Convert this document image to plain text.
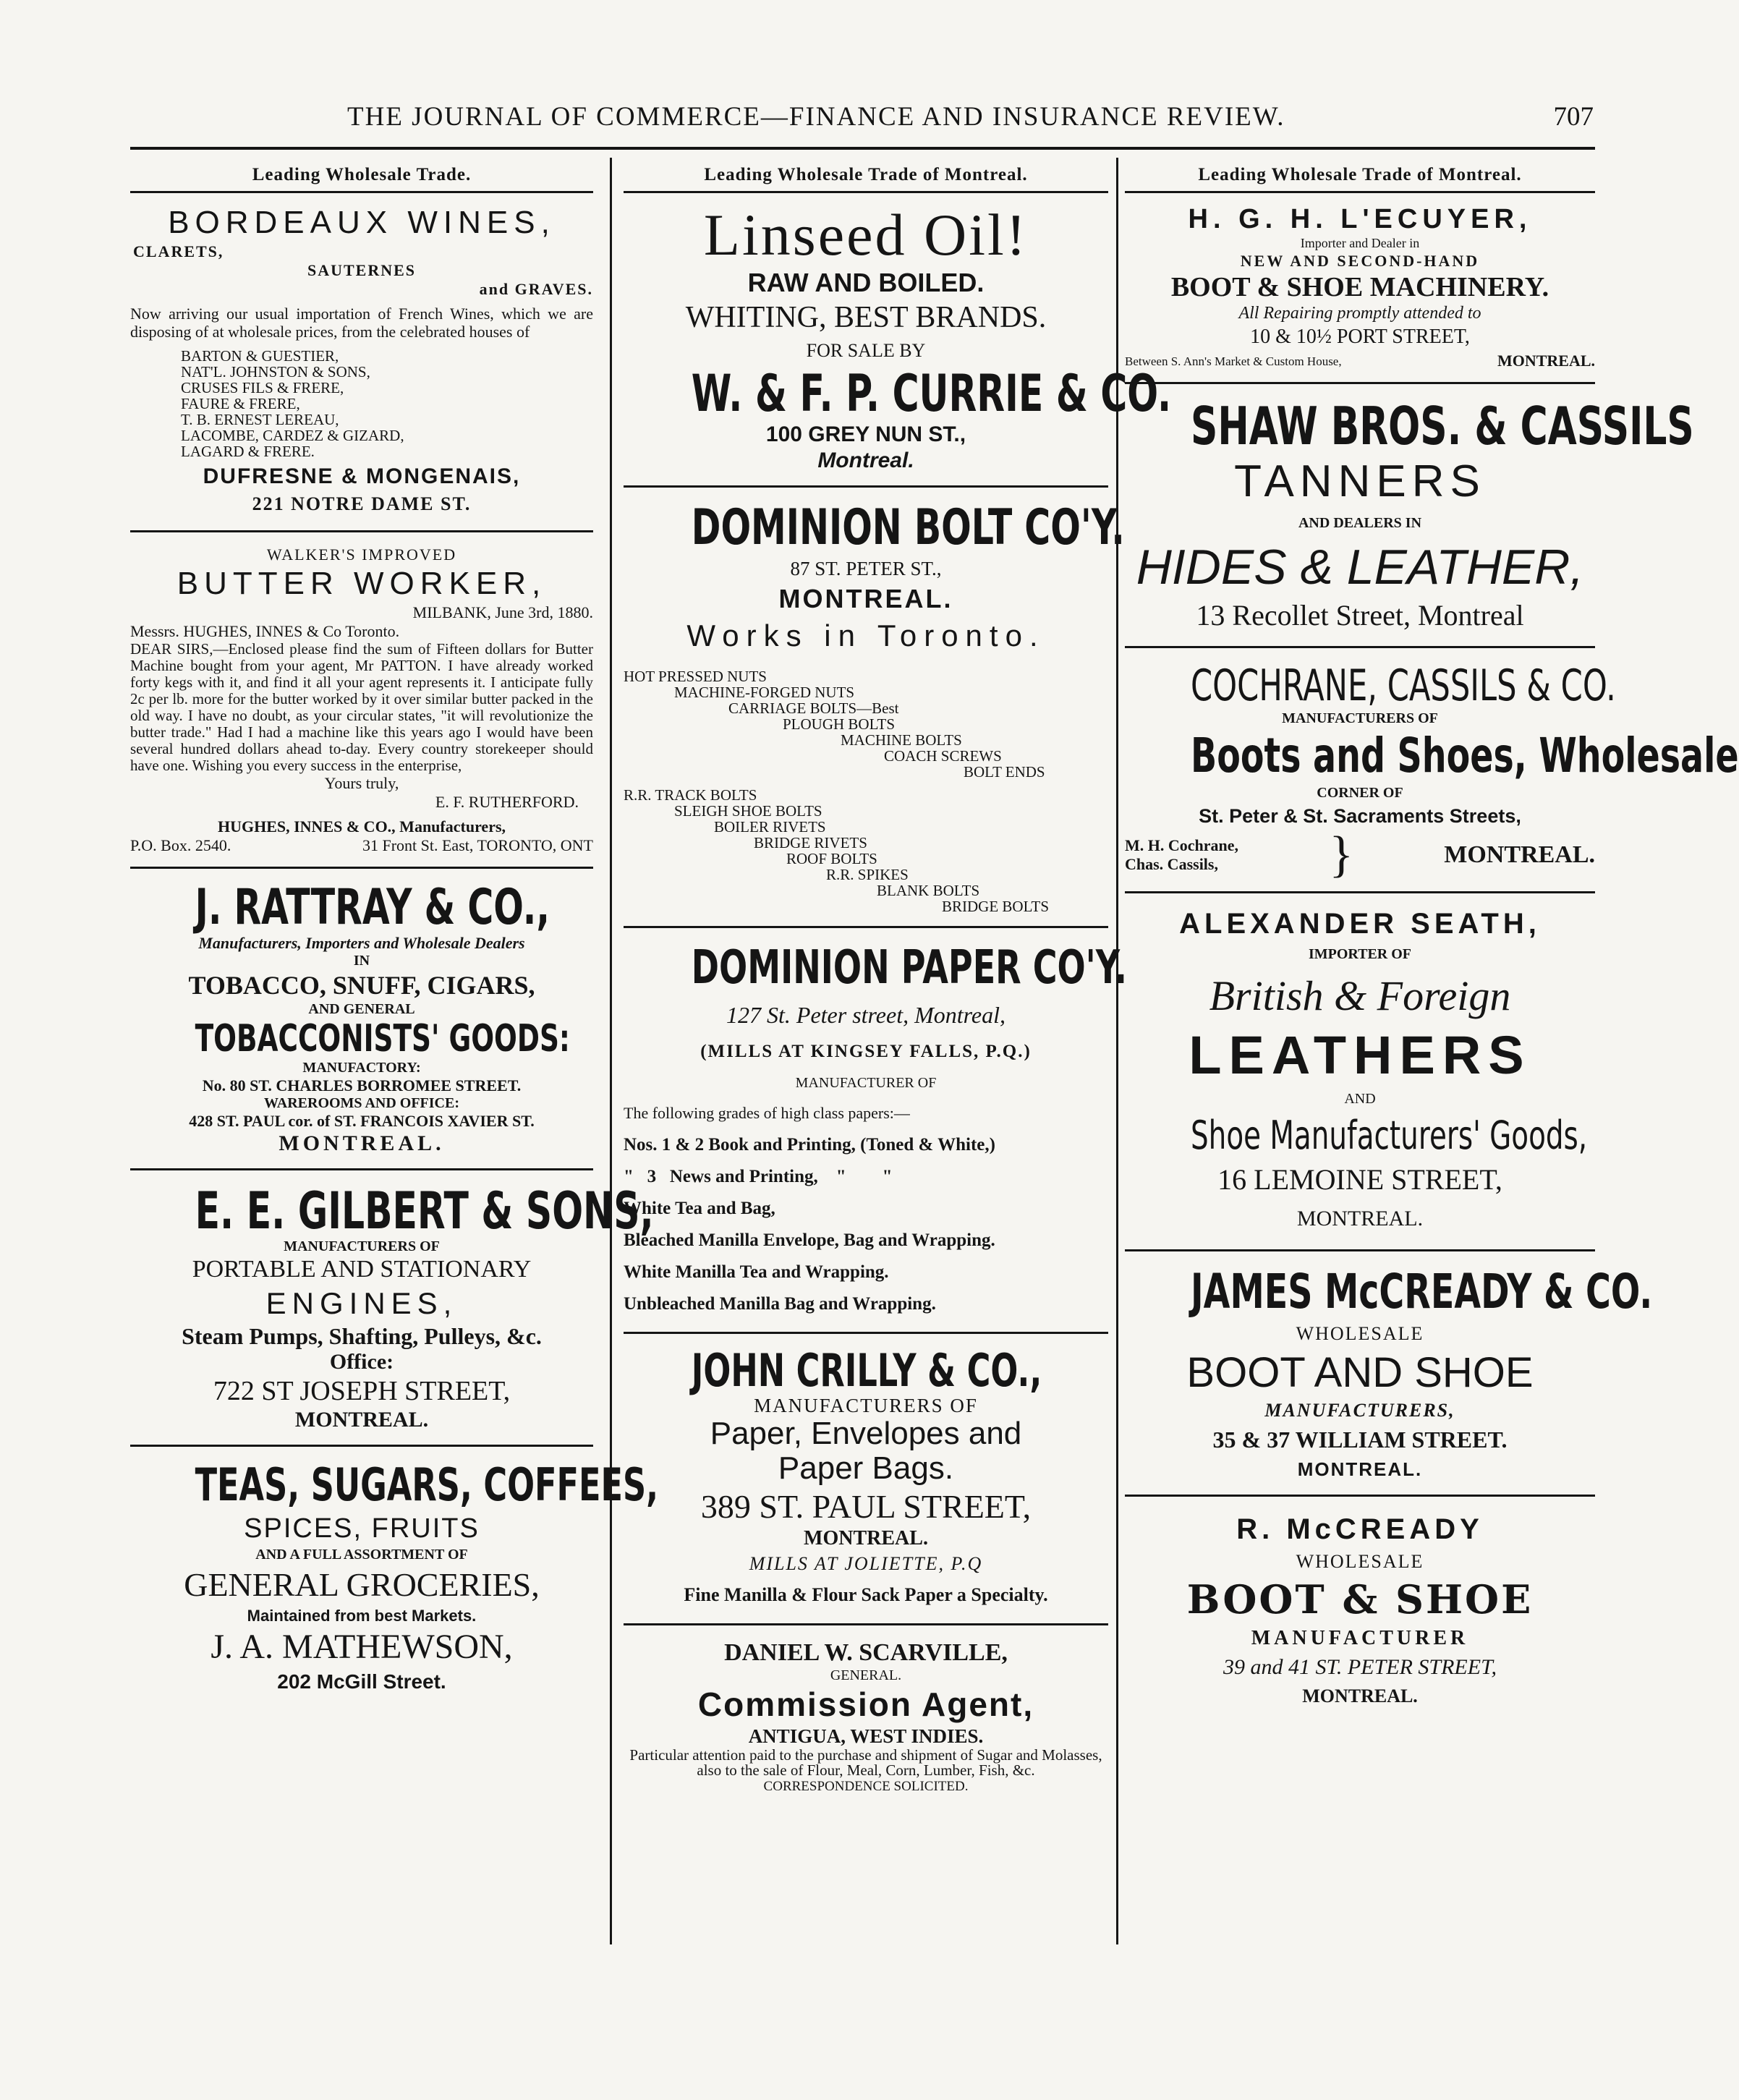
THE JOURNAL OF COMMERCE—FINANCE AND INSURANCE REVIEW.	707
Leading Wholesale Trade.
BORDEAUX WINES,
CLARETS,
SAUTERNES
and GRAVES.
Now arriving our usual importation of French Wines, which we are disposing of at wholesale prices, from the celebrated houses of
BARTON & GUESTIER,
NAT'L. JOHNSTON & SONS,
CRUSES FILS & FRERE,
FAURE & FRERE,
T. B. ERNEST LEREAU,
LACOMBE, CARDEZ & GIZARD,
LAGARD & FRERE.
DUFRESNE & MONGENAIS,
221 NOTRE DAME ST.
WALKER'S IMPROVED
BUTTER WORKER,
MILBANK, June 3rd, 1880.
Messrs. HUGHES, INNES & Co Toronto.
DEAR SIRS,—Enclosed please find the sum of Fifteen dollars for Butter Machine bought from your agent, Mr PATTON. I have already worked forty kegs with it, and find it all your agent represents it. I anticipate fully 2c per lb. more for the butter worked by it over similar butter packed in the old way. I have no doubt, as your circular states, "it will revolutionize the butter trade." Had I had a machine like this years ago I would have been several hundred dollars ahead to-day. Every country storekeeper should have one. Wishing you every success in the enterprise,
Yours truly,
E. F. RUTHERFORD.
HUGHES, INNES & CO., Manufacturers,
P.O. Box. 2540.	31 Front St. East, TORONTO, ONT
J. RATTRAY & CO.,
Manufacturers, Importers and Wholesale Dealers
IN
TOBACCO, SNUFF, CIGARS,
AND GENERAL
TOBACCONISTS' GOODS:
MANUFACTORY:
No. 80 ST. CHARLES BORROMEE STREET.
WAREROOMS AND OFFICE:
428 ST. PAUL cor. of ST. FRANCOIS XAVIER ST.
MONTREAL.
E. E. GILBERT & SONS,
MANUFACTURERS OF
PORTABLE AND STATIONARY
ENGINES,
Steam Pumps, Shafting, Pulleys, &c.
Office:
722 ST JOSEPH STREET,
MONTREAL.
TEAS, SUGARS, COFFEES,
SPICES, FRUITS
AND A FULL ASSORTMENT OF
GENERAL GROCERIES,
Maintained from best Markets.
J. A. MATHEWSON,
202 McGill Street.
Leading Wholesale Trade of Montreal.
Linseed Oil!
RAW AND BOILED.
WHITING, BEST BRANDS.
FOR SALE BY
W. & F. P. CURRIE & CO.
100 GREY NUN ST.,
Montreal.
DOMINION BOLT CO'Y.
87 ST. PETER ST.,
MONTREAL.
Works in Toronto.
HOT PRESSED NUTS
MACHINE-FORGED NUTS
CARRIAGE BOLTS—Best
PLOUGH BOLTS
MACHINE BOLTS
COACH SCREWS
BOLT ENDS
R.R. TRACK BOLTS
SLEIGH SHOE BOLTS
BOILER RIVETS
BRIDGE RIVETS
ROOF BOLTS
R.R. SPIKES
BLANK BOLTS
BRIDGE BOLTS
DOMINION PAPER CO'Y.
127 St. Peter street, Montreal,
(MILLS AT KINGSEY FALLS, P.Q.)
MANUFACTURER OF
The following grades of high class papers:—
Nos. 1 & 2 Book and Printing, (Toned & White,)
"   3   News and Printing,    "        "
White Tea and Bag,
Bleached Manilla Envelope, Bag and Wrapping.
White Manilla Tea and Wrapping.
Unbleached Manilla Bag and Wrapping.
JOHN CRILLY & CO.,
MANUFACTURERS OF
Paper, Envelopes and
Paper Bags.
389 ST. PAUL STREET,
MONTREAL.
MILLS AT JOLIETTE, P.Q
Fine Manilla & Flour Sack Paper a Specialty.
DANIEL W. SCARVILLE,
GENERAL.
Commission Agent,
ANTIGUA, WEST INDIES.
Particular attention paid to the purchase and shipment of Sugar and Molasses, also to the sale of Flour, Meal, Corn, Lumber, Fish, &c.
CORRESPONDENCE SOLICITED.
Leading Wholesale Trade of Montreal.
H. G. H. L'ECUYER,
Importer and Dealer in
NEW AND SECOND-HAND
BOOT & SHOE MACHINERY.
All Repairing promptly attended to
10 & 10½ PORT STREET,
Between S. Ann's Market & Custom House,	MONTREAL.
SHAW BROS. & CASSILS
TANNERS
AND DEALERS IN
HIDES & LEATHER,
13 Recollet Street, Montreal
COCHRANE, CASSILS & CO.
MANUFACTURERS OF
Boots and Shoes, Wholesale
CORNER OF
St. Peter & St. Sacraments Streets,
M. H. Cochrane,
Chas. Cassils,	}	MONTREAL.
ALEXANDER SEATH,
IMPORTER OF
British & Foreign
LEATHERS
AND
Shoe Manufacturers' Goods,
16 LEMOINE STREET,
MONTREAL.
JAMES McCREADY & CO.
WHOLESALE
BOOT AND SHOE
MANUFACTURERS,
35 & 37 WILLIAM STREET.
MONTREAL.
R. McCREADY
WHOLESALE
BOOT & SHOE
MANUFACTURER
39 and 41 ST. PETER STREET,
MONTREAL.
